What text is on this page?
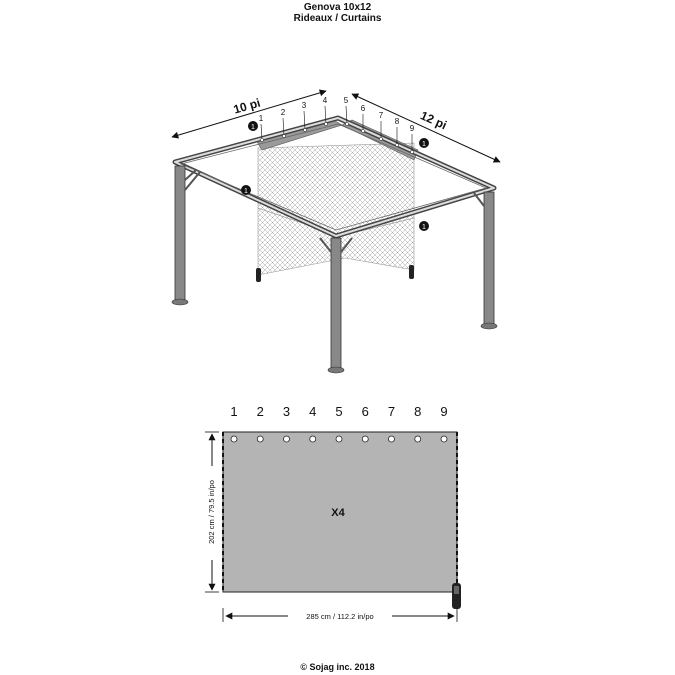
Genova 10x12
Rideaux / Curtains
10 pi
12 pi
1
2
3
4 5
6
7
8
9
1
1
1
1
1 2 3 4 5 6 7 8 9
X4
202 cm / 79.5 in/po
285 cm / 112.2 in/po
© Sojag inc. 2018
